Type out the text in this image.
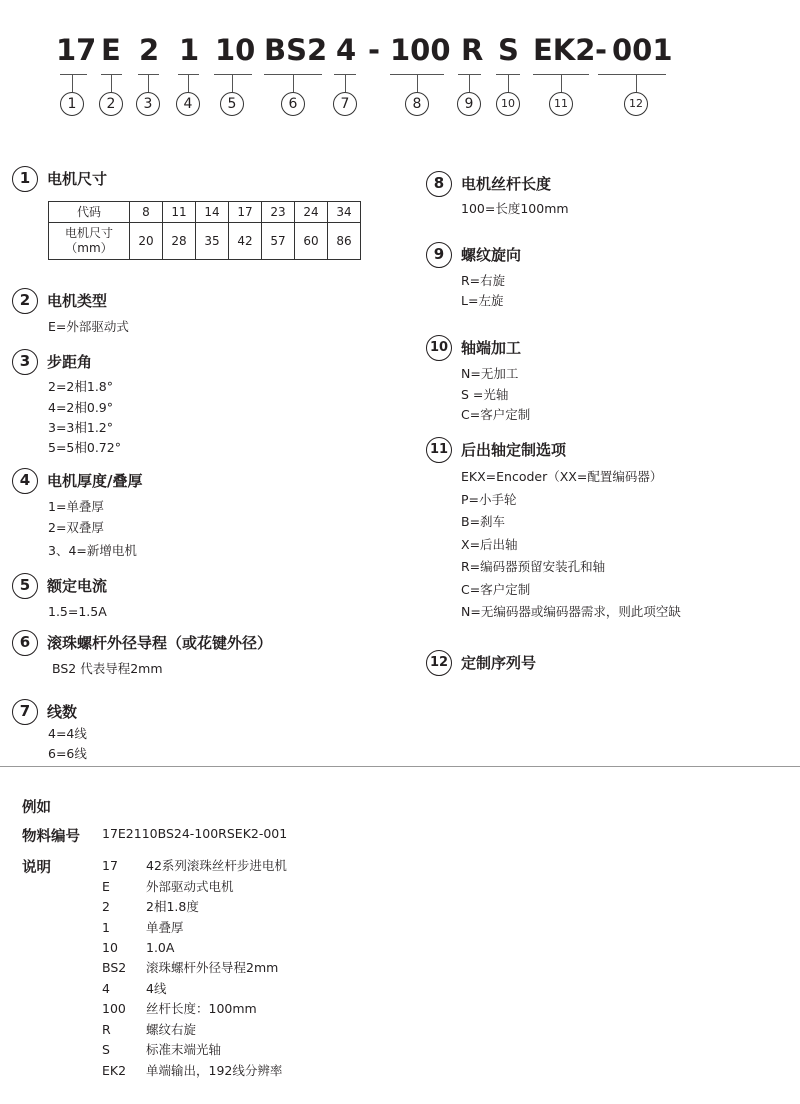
17 E 2 1 10 BS2 4 - 100 R S EK2 - 001
1	2	3	4	5	6	7	8	9	10	11	12
1	电机尺寸
代码	8	11	14	17	23	24	34

电机尺寸
（mm）	20	28	35	42	57	60	86
2	电机类型
E=外部驱动式
3	步距角
2=2相1.8°
4=2相0.9°
3=3相1.2°
5=5相0.72°
4	电机厚度/叠厚
1=单叠厚
2=双叠厚
3、4=新增电机
5	额定电流
1.5=1.5A
6	滚珠螺杆外径导程（或花键外径）
BS2 代表导程2mm
7	线数
4=4线
6=6线
8	电机丝杆长度
100=长度100mm
9	螺纹旋向
R=右旋
L=左旋
10 轴端加工
N=无加工
S =光轴
C=客户定制
11 后出轴定制选项
EKX=Encoder（XX=配置编码器）
P=小手轮
B=刹车
X=后出轴
R=编码器预留安装孔和轴
C=客户定制
N=无编码器或编码器需求，则此项空缺
12 定制序列号
例如
物料编号 17E2110BS24-100RSEK2-001
说明	17 42系列滚珠丝杆步进电机
E	外部驱动式电机
2	2相1.8度
1	单叠厚
10 1.0A
BS2 滚珠螺杆外径导程2mm
4	4线
100 丝杆长度：100mm
R	螺纹右旋
S	标准末端光轴
EK2 单端输出，192线分辨率
